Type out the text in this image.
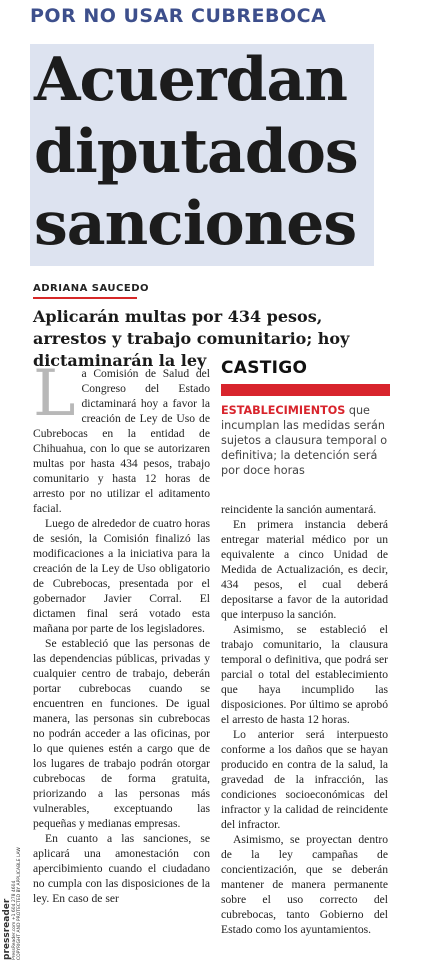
POR NO USAR CUBREBOCA
Acuerdan
diputados
sanciones
ADRIANA SAUCEDO
Aplicarán multas por 434 pesos, arrestos y trabajo comunitario; hoy dictaminarán la ley

La Comisión de Salud del Congreso del Estado dictaminará hoy a favor la creación de Ley de Uso de Cubrebocas en la entidad de Chihuahua, con lo que se autorizaren multas por hasta 434 pesos, trabajo comunitario y hasta 12 horas de arresto por no utilizar el aditamento facial.

Luego de alrededor de cuatro horas de sesión, la Comisión finalizó las modificaciones a la iniciativa para la creación de la Ley de Uso obligatorio de Cubrebocas, presentada por el gobernador Javier Corral. El dictamen final será votado esta mañana por parte de los legisladores.

Se estableció que las personas de las dependencias públicas, privadas y cualquier centro de trabajo, deberán portar cubrebocas cuando se encuentren en funciones. De igual manera, las personas sin cubrebocas no podrán acceder a las oficinas, por lo que quienes estén a cargo que de los lugares de trabajo podrán otorgar cubrebocas de forma gratuita, priorizando a las personas más vulnerables, exceptuando las pequeñas y medianas empresas.

En cuanto a las sanciones, se aplicará una amonestación con apercibimiento cuando el ciudadano no cumpla con las disposiciones de la ley. En caso de ser

CASTIGO

ESTABLECIMIENTOS que incumplan las medidas serán sujetos a clausura temporal o definitiva; la detención será por doce horas

reincidente la sanción aumentará.

En primera instancia deberá entregar material médico por un equivalente a cinco Unidad de Medida de Actualización, es decir, 434 pesos, el cual deberá depositarse a favor de la autoridad que interpuso la sanción.

Asimismo, se estableció el trabajo comunitario, la clausura temporal o definitiva, que podrá ser parcial o total del establecimiento que haya incumplido las disposiciones. Por último se aprobó el arresto de hasta 12 horas.

Lo anterior será interpuesto conforme a los daños que se hayan producido en contra de la salud, la gravedad de la infracción, las condiciones socioeconómicas del infractor y la calidad de reincidente del infractor.

Asimismo, se proyectan dentro de la ley campañas de concientización, que se deberán mantener de manera permanente sobre el uso correcto del cubrebocas, tanto Gobierno del Estado como los ayuntamientos.

pressreader PressReader.com +1 604 278 4604 COPYRIGHT AND PROTECTED BY APPLICABLE LAW
